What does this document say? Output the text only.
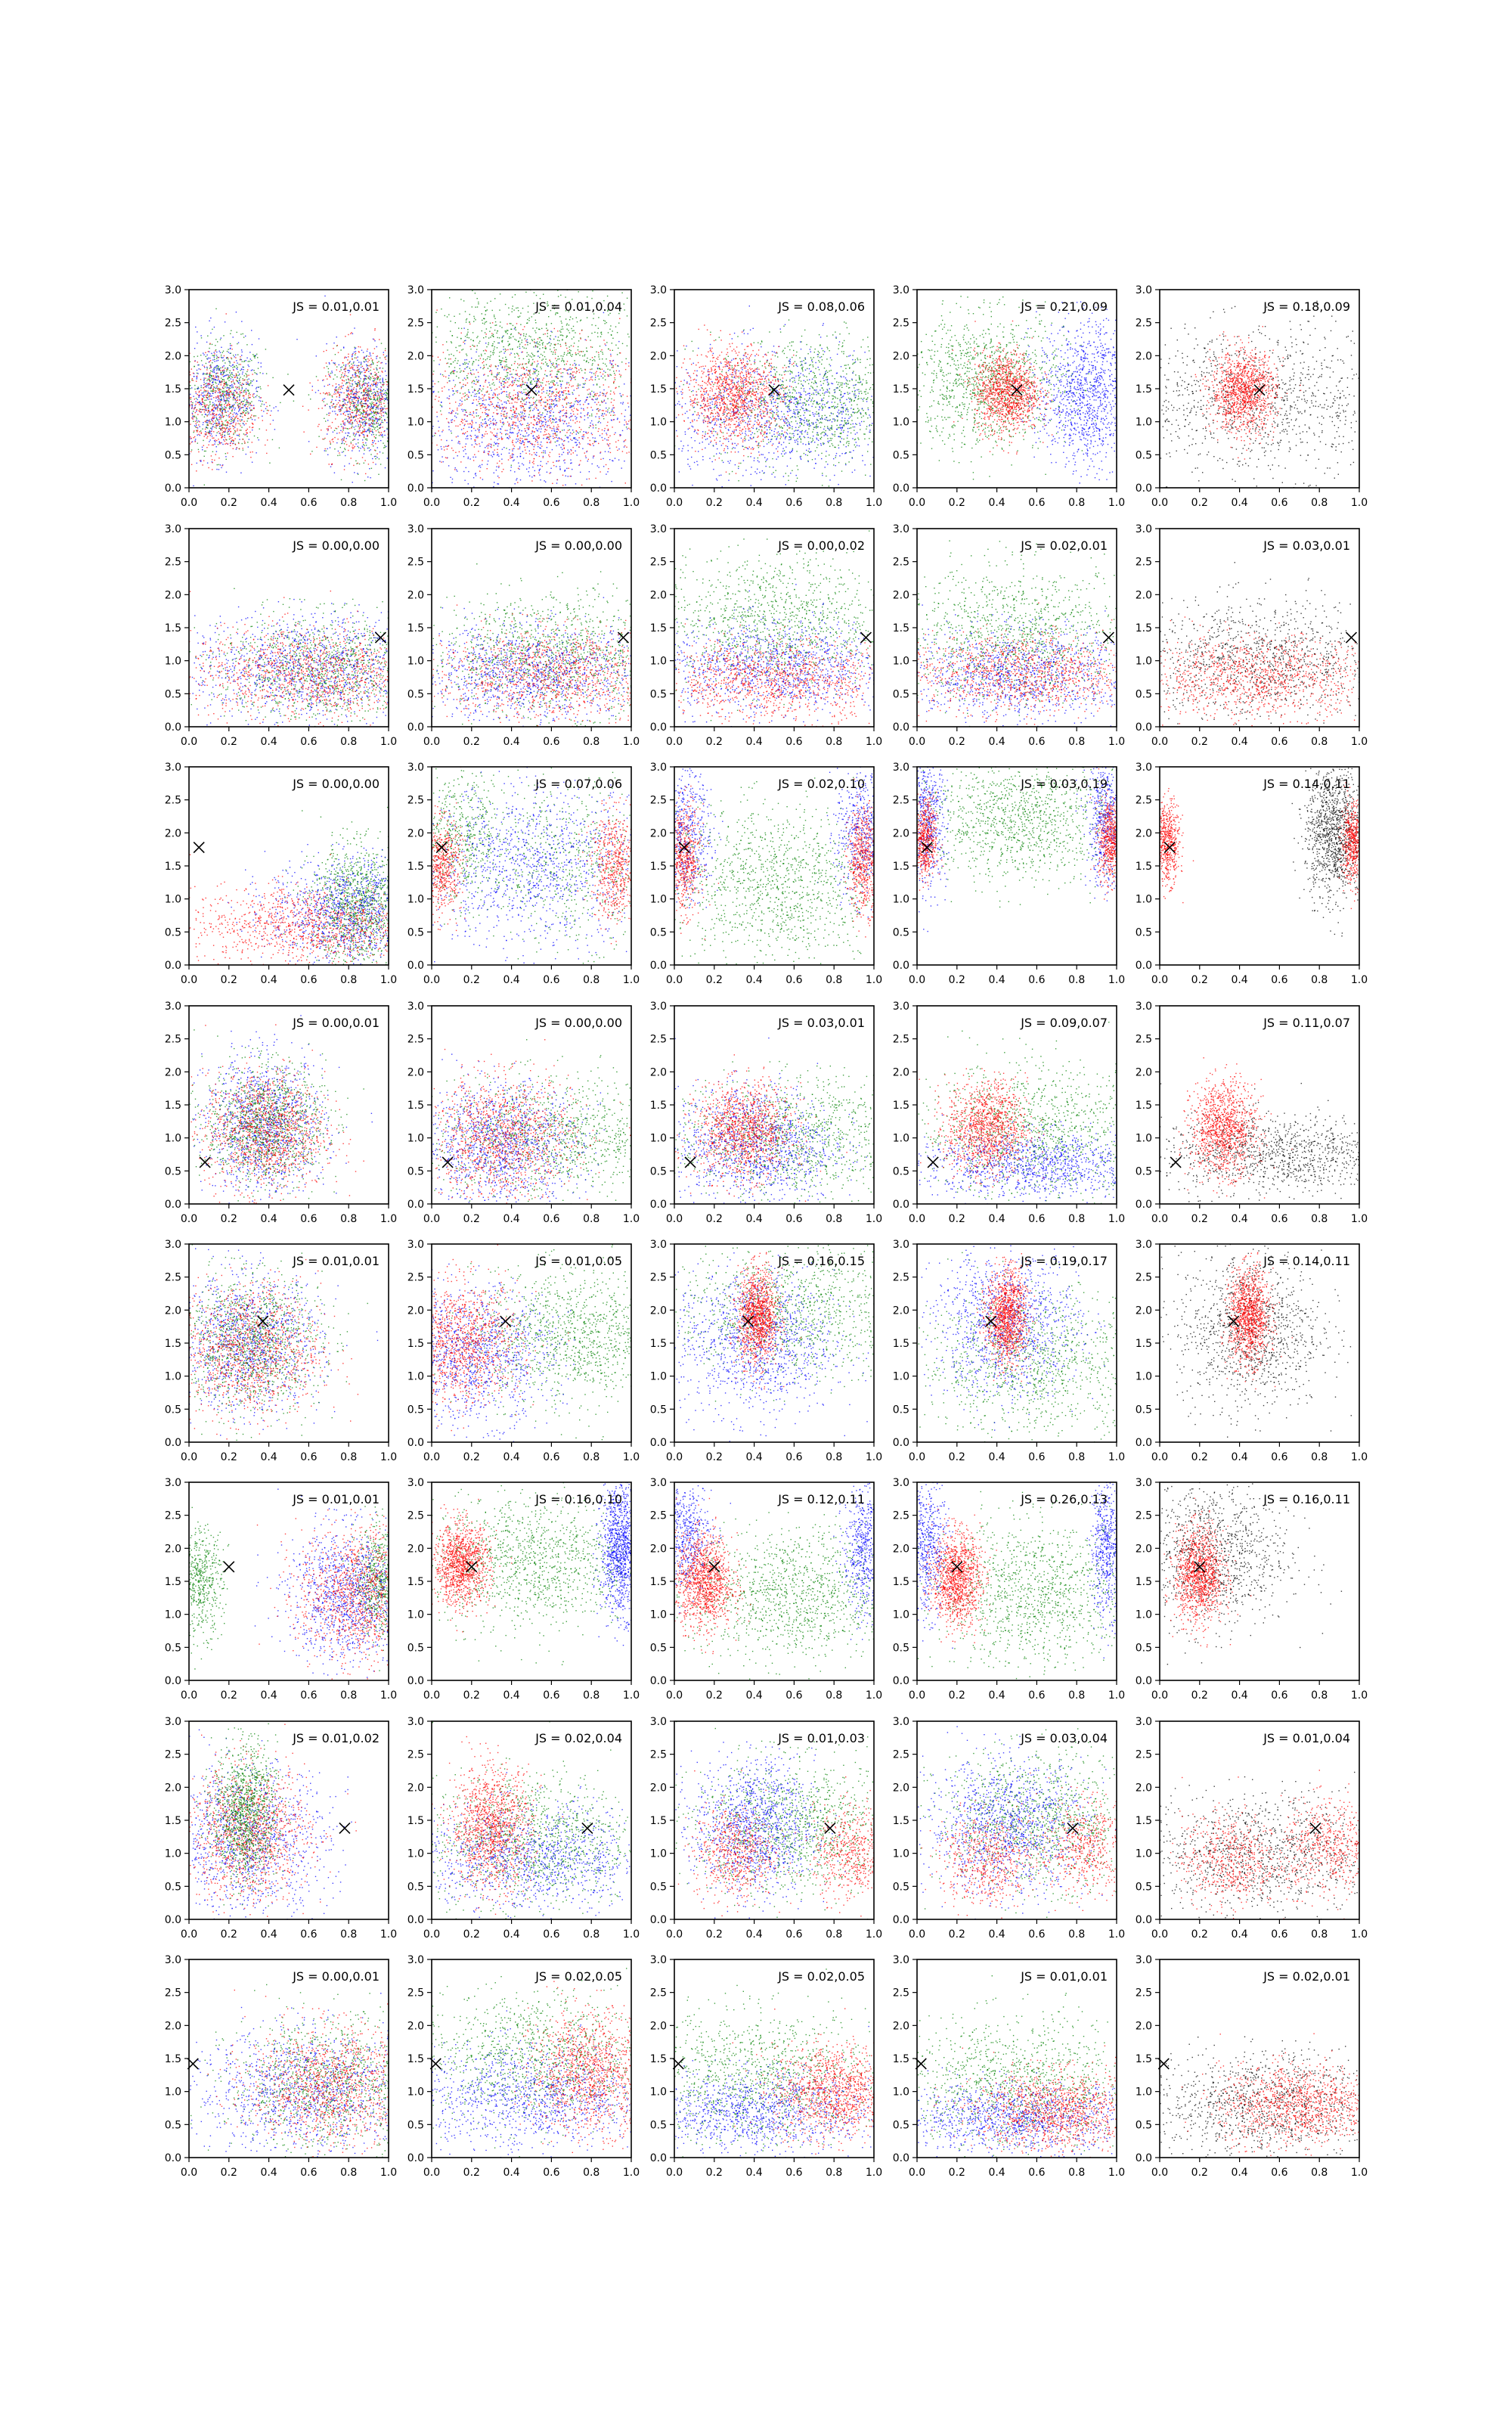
0.0 0.2 0.4 0.6 0.8 1.0
0.0
0.5
1.0
1.5
2.0
2.5
3.0
JS = 0.01,0.01
0.0 0.2 0.4 0.6 0.8 1.0
0.0
0.5
1.0
1.5
2.0
2.5
3.0
JS = 0.01,0.04
0.0 0.2 0.4 0.6 0.8 1.0
0.0
0.5
1.0
1.5
2.0
2.5
3.0
JS = 0.08,0.06
0.0 0.2 0.4 0.6 0.8 1.0
0.0
0.5
1.0
1.5
2.0
2.5
3.0
JS = 0.21,0.09
0.0 0.2 0.4 0.6 0.8 1.0
0.0
0.5
1.0
1.5
2.0
2.5
3.0
JS = 0.18,0.09
0.0 0.2 0.4 0.6 0.8 1.0
0.0
0.5
1.0
1.5
2.0
2.5
3.0
JS = 0.00,0.00
0.0 0.2 0.4 0.6 0.8 1.0
0.0
0.5
1.0
1.5
2.0
2.5
3.0
JS = 0.00,0.00
0.0 0.2 0.4 0.6 0.8 1.0
0.0
0.5
1.0
1.5
2.0
2.5
3.0
JS = 0.00,0.02
0.0 0.2 0.4 0.6 0.8 1.0
0.0
0.5
1.0
1.5
2.0
2.5
3.0
JS = 0.02,0.01
0.0 0.2 0.4 0.6 0.8 1.0
0.0
0.5
1.0
1.5
2.0
2.5
3.0
JS = 0.03,0.01
0.0 0.2 0.4 0.6 0.8 1.0
0.0
0.5
1.0
1.5
2.0
2.5
3.0
JS = 0.00,0.00
0.0 0.2 0.4 0.6 0.8 1.0
0.0
0.5
1.0
1.5
2.0
2.5
3.0
JS = 0.07,0.06
0.0 0.2 0.4 0.6 0.8 1.0
0.0
0.5
1.0
1.5
2.0
2.5
3.0
JS = 0.02,0.10
0.0 0.2 0.4 0.6 0.8 1.0
0.0
0.5
1.0
1.5
2.0
2.5
3.0
JS = 0.03,0.19
0.0 0.2 0.4 0.6 0.8 1.0
0.0
0.5
1.0
1.5
2.0
2.5
3.0
JS = 0.14,0.11
0.0 0.2 0.4 0.6 0.8 1.0
0.0
0.5
1.0
1.5
2.0
2.5
3.0
JS = 0.00,0.01
0.0 0.2 0.4 0.6 0.8 1.0
0.0
0.5
1.0
1.5
2.0
2.5
3.0
JS = 0.00,0.00
0.0 0.2 0.4 0.6 0.8 1.0
0.0
0.5
1.0
1.5
2.0
2.5
3.0
JS = 0.03,0.01
0.0 0.2 0.4 0.6 0.8 1.0
0.0
0.5
1.0
1.5
2.0
2.5
3.0
JS = 0.09,0.07
0.0 0.2 0.4 0.6 0.8 1.0
0.0
0.5
1.0
1.5
2.0
2.5
3.0
JS = 0.11,0.07
0.0 0.2 0.4 0.6 0.8 1.0
0.0
0.5
1.0
1.5
2.0
2.5
3.0
JS = 0.01,0.01
0.0 0.2 0.4 0.6 0.8 1.0
0.0
0.5
1.0
1.5
2.0
2.5
3.0
JS = 0.01,0.05
0.0 0.2 0.4 0.6 0.8 1.0
0.0
0.5
1.0
1.5
2.0
2.5
3.0
JS = 0.16,0.15
0.0 0.2 0.4 0.6 0.8 1.0
0.0
0.5
1.0
1.5
2.0
2.5
3.0
JS = 0.19,0.17
0.0 0.2 0.4 0.6 0.8 1.0
0.0
0.5
1.0
1.5
2.0
2.5
3.0
JS = 0.14,0.11
0.0 0.2 0.4 0.6 0.8 1.0
0.0
0.5
1.0
1.5
2.0
2.5
3.0
JS = 0.01,0.01
0.0 0.2 0.4 0.6 0.8 1.0
0.0
0.5
1.0
1.5
2.0
2.5
3.0
JS = 0.16,0.10
0.0 0.2 0.4 0.6 0.8 1.0
0.0
0.5
1.0
1.5
2.0
2.5
3.0
JS = 0.12,0.11
0.0 0.2 0.4 0.6 0.8 1.0
0.0
0.5
1.0
1.5
2.0
2.5
3.0
JS = 0.26,0.13
0.0 0.2 0.4 0.6 0.8 1.0
0.0
0.5
1.0
1.5
2.0
2.5
3.0
JS = 0.16,0.11
0.0 0.2 0.4 0.6 0.8 1.0
0.0
0.5
1.0
1.5
2.0
2.5
3.0
JS = 0.01,0.02
0.0 0.2 0.4 0.6 0.8 1.0
0.0
0.5
1.0
1.5
2.0
2.5
3.0
JS = 0.02,0.04
0.0 0.2 0.4 0.6 0.8 1.0
0.0
0.5
1.0
1.5
2.0
2.5
3.0
JS = 0.01,0.03
0.0 0.2 0.4 0.6 0.8 1.0
0.0
0.5
1.0
1.5
2.0
2.5
3.0
JS = 0.03,0.04
0.0 0.2 0.4 0.6 0.8 1.0
0.0
0.5
1.0
1.5
2.0
2.5
3.0
JS = 0.01,0.04
0.0 0.2 0.4 0.6 0.8 1.0
0.0
0.5
1.0
1.5
2.0
2.5
3.0
JS = 0.00,0.01
0.0 0.2 0.4 0.6 0.8 1.0
0.0
0.5
1.0
1.5
2.0
2.5
3.0
JS = 0.02,0.05
0.0 0.2 0.4 0.6 0.8 1.0
0.0
0.5
1.0
1.5
2.0
2.5
3.0
JS = 0.02,0.05
0.0 0.2 0.4 0.6 0.8 1.0
0.0
0.5
1.0
1.5
2.0
2.5
3.0
JS = 0.01,0.01
0.0 0.2 0.4 0.6 0.8 1.0
0.0
0.5
1.0
1.5
2.0
2.5
3.0
JS = 0.02,0.01
